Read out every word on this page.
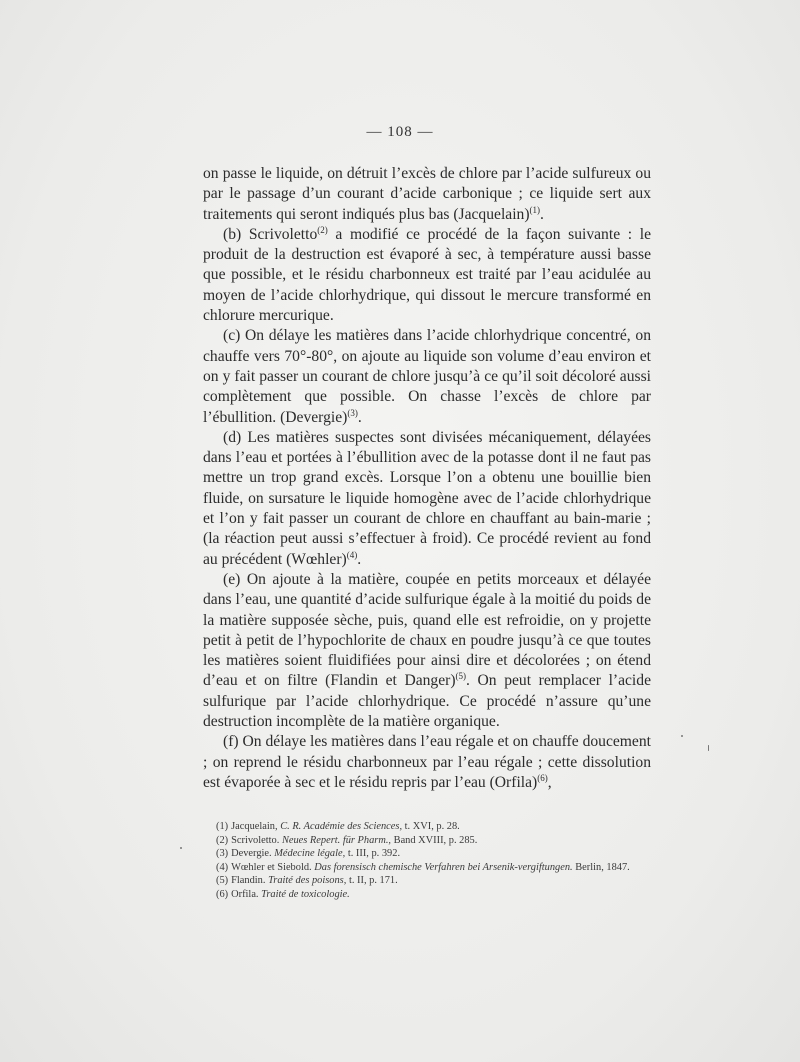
— 108 —

on passe le liquide, on détruit l’excès de chlore par l’acide sulfureux ou par le passage d’un courant d’acide carbonique ; ce liquide sert aux traitements qui seront indiqués plus bas (Jacquelain)$^{(1)}$.

(b) Scrivoletto$^{(2)}$ a modifié ce procédé de la façon suivante : le produit de la destruction est évaporé à sec, à température aussi basse que possible, et le résidu charbonneux est traité par l’eau acidulée au moyen de l’acide chlorhydrique, qui dissout le mercure transformé en chlorure mercurique.

(c) On délaye les matières dans l’acide chlorhydrique concentré, on chauffe vers 70°-80°, on ajoute au liquide son volume d’eau environ et on y fait passer un courant de chlore jusqu’à ce qu’il soit décoloré aussi complètement que possible. On chasse l’excès de chlore par l’ébullition. (Devergie)$^{(3)}$.

(d) Les matières suspectes sont divisées mécaniquement, délayées dans l’eau et portées à l’ébullition avec de la potasse dont il ne faut pas mettre un trop grand excès. Lorsque l’on a obtenu une bouillie bien fluide, on sursature le liquide homogène avec de l’acide chlorhydrique et l’on y fait passer un courant de chlore en chauffant au bain-marie ; (la réaction peut aussi s’effectuer à froid). Ce procédé revient au fond au précédent (Wœhler)$^{(4)}$.

(e) On ajoute à la matière, coupée en petits morceaux et délayée dans l’eau, une quantité d’acide sulfurique égale à la moitié du poids de la matière supposée sèche, puis, quand elle est refroidie, on y projette petit à petit de l’hypochlorite de chaux en poudre jusqu’à ce que toutes les matières soient fluidifiées pour ainsi dire et décolorées ; on étend d’eau et on filtre (Flandin et Danger)$^{(5)}$. On peut remplacer l’acide sulfurique par l’acide chlorhydrique. Ce procédé n’assure qu’une destruction incomplète de la matière organique.

(f) On délaye les matières dans l’eau régale et on chauffe doucement ; on reprend le résidu charbonneux par l’eau régale ; cette dissolution est évaporée à sec et le résidu repris par l’eau (Orfila)$^{(6)}$,

(1) Jacquelain, C. R. Académie des Sciences, t. XVI, p. 28.

(2) Scrivoletto. Neues Repert. für Pharm., Band XVIII, p. 285.

(3) Devergie. Médecine légale, t. III, p. 392.

(4) Wœhler et Siebold. Das forensisch chemische Verfahren bei Arsenik-vergiftungen. Berlin, 1847.

(5) Flandin. Traité des poisons, t. II, p. 171.

(6) Orfila. Traité de toxicologie.
